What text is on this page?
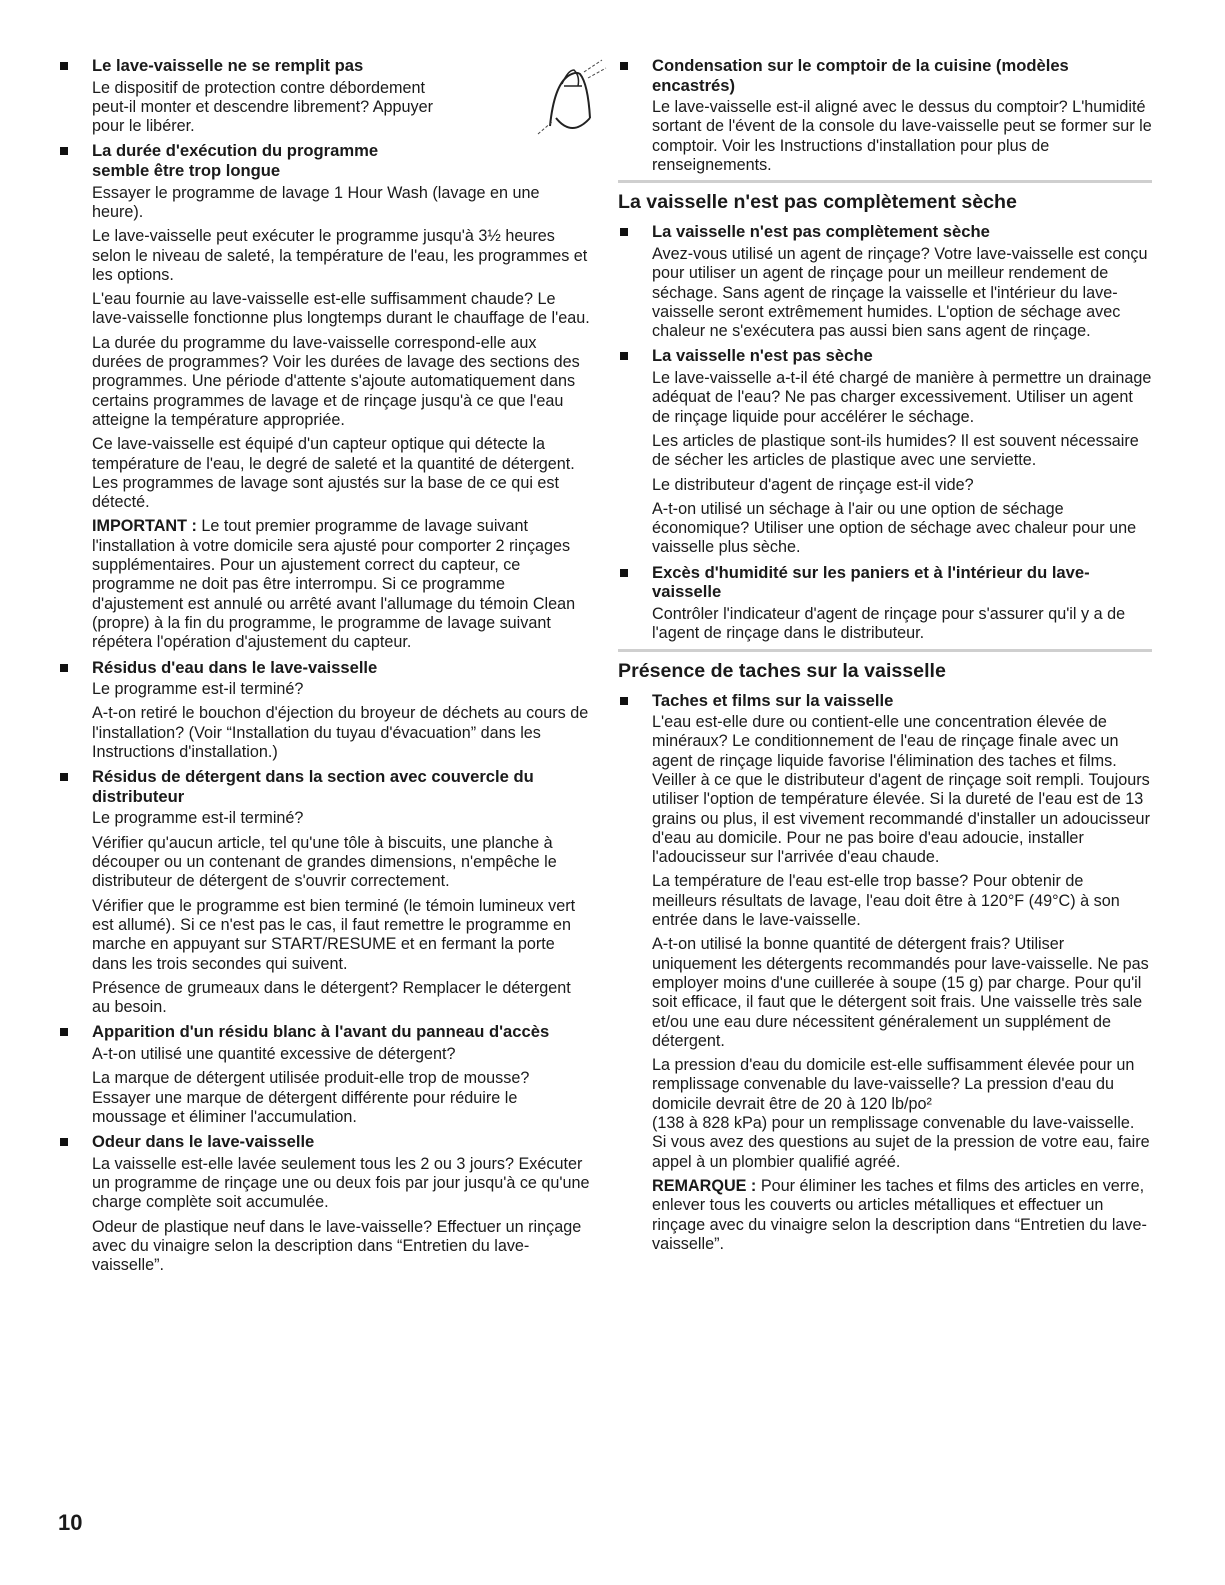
Le lave-vaisselle ne se remplit pas

Le dispositif de protection contre débordement peut-il monter et descendre librement? Appuyer pour le libérer.

La durée d'exécution du programme semble être trop longue

Essayer le programme de lavage 1 Hour Wash (lavage en une heure).

Le lave-vaisselle peut exécuter le programme jusqu'à 3½ heures selon le niveau de saleté, la température de l'eau, les programmes et les options.

L'eau fournie au lave-vaisselle est-elle suffisamment chaude? Le lave-vaisselle fonctionne plus longtemps durant le chauffage de l'eau.

La durée du programme du lave-vaisselle correspond-elle aux durées de programmes? Voir les durées de lavage des sections des programmes. Une période d'attente s'ajoute automatiquement dans certains programmes de lavage et de rinçage jusqu'à ce que l'eau atteigne la température appropriée.

Ce lave-vaisselle est équipé d'un capteur optique qui détecte la température de l'eau, le degré de saleté et la quantité de détergent. Les programmes de lavage sont ajustés sur la base de ce qui est détecté.

IMPORTANT : Le tout premier programme de lavage suivant l'installation à votre domicile sera ajusté pour comporter 2 rinçages supplémentaires. Pour un ajustement correct du capteur, ce programme ne doit pas être interrompu. Si ce programme d'ajustement est annulé ou arrêté avant l'allumage du témoin Clean (propre) à la fin du programme, le programme de lavage suivant répétera l'opération d'ajustement du capteur.

Résidus d'eau dans le lave-vaisselle

Le programme est-il terminé?

A-t-on retiré le bouchon d'éjection du broyeur de déchets au cours de l'installation? (Voir “Installation du tuyau d'évacuation” dans les Instructions d'installation.)

Résidus de détergent dans la section avec couvercle du distributeur

Le programme est-il terminé?

Vérifier qu'aucun article, tel qu'une tôle à biscuits, une planche à découper ou un contenant de grandes dimensions, n'empêche le distributeur de détergent de s'ouvrir correctement.

Vérifier que le programme est bien terminé (le témoin lumineux vert est allumé). Si ce n'est pas le cas, il faut remettre le programme en marche en appuyant sur START/RESUME et en fermant la porte dans les trois secondes qui suivent.

Présence de grumeaux dans le détergent? Remplacer le détergent au besoin.

Apparition d'un résidu blanc à l'avant du panneau d'accès

A-t-on utilisé une quantité excessive de détergent?

La marque de détergent utilisée produit-elle trop de mousse? Essayer une marque de détergent différente pour réduire le moussage et éliminer l'accumulation.

Odeur dans le lave-vaisselle

La vaisselle est-elle lavée seulement tous les 2 ou 3 jours? Exécuter un programme de rinçage une ou deux fois par jour jusqu'à ce qu'une charge complète soit accumulée.

Odeur de plastique neuf dans le lave-vaisselle? Effectuer un rinçage avec du vinaigre selon la description dans “Entretien du lave-vaisselle”.

Condensation sur le comptoir de la cuisine (modèles encastrés)

Le lave-vaisselle est-il aligné avec le dessus du comptoir? L'humidité sortant de l'évent de la console du lave-vaisselle peut se former sur le comptoir. Voir les Instructions d'installation pour plus de renseignements.

La vaisselle n'est pas complètement sèche
La vaisselle n'est pas complètement sèche

Avez-vous utilisé un agent de rinçage? Votre lave-vaisselle est conçu pour utiliser un agent de rinçage pour un meilleur rendement de séchage. Sans agent de rinçage la vaisselle et l'intérieur du lave-vaisselle seront extrêmement humides. L'option de séchage avec chaleur ne s'exécutera pas aussi bien sans agent de rinçage.

La vaisselle n'est pas sèche

Le lave-vaisselle a-t-il été chargé de manière à permettre un drainage adéquat de l'eau? Ne pas charger excessivement. Utiliser un agent de rinçage liquide pour accélérer le séchage.

Les articles de plastique sont-ils humides? Il est souvent nécessaire de sécher les articles de plastique avec une serviette.

Le distributeur d'agent de rinçage est-il vide?

A-t-on utilisé un séchage à l'air ou une option de séchage économique? Utiliser une option de séchage avec chaleur pour une vaisselle plus sèche.

Excès d'humidité sur les paniers et à l'intérieur du lave-vaisselle

Contrôler l'indicateur d'agent de rinçage pour s'assurer qu'il y a de l'agent de rinçage dans le distributeur.

Présence de taches sur la vaisselle
Taches et films sur la vaisselle

L'eau est-elle dure ou contient-elle une concentration élevée de minéraux? Le conditionnement de l'eau de rinçage finale avec un agent de rinçage liquide favorise l'élimination des taches et films. Veiller à ce que le distributeur d'agent de rinçage soit rempli. Toujours utiliser l'option de température élevée. Si la dureté de l'eau est de 13 grains ou plus, il est vivement recommandé d'installer un adoucisseur d'eau au domicile. Pour ne pas boire d'eau adoucie, installer l'adoucisseur sur l'arrivée d'eau chaude.

La température de l'eau est-elle trop basse? Pour obtenir de meilleurs résultats de lavage, l'eau doit être à 120°F (49°C) à son entrée dans le lave-vaisselle.

A-t-on utilisé la bonne quantité de détergent frais? Utiliser uniquement les détergents recommandés pour lave-vaisselle. Ne pas employer moins d'une cuillerée à soupe (15 g) par charge. Pour qu'il soit efficace, il faut que le détergent soit frais. Une vaisselle très sale et/ou une eau dure nécessitent généralement un supplément de détergent.

La pression d'eau du domicile est-elle suffisamment élevée pour un remplissage convenable du lave-vaisselle? La pression d'eau du domicile devrait être de 20 à 120 lb/po²

(138 à 828 kPa) pour un remplissage convenable du lave-vaisselle. Si vous avez des questions au sujet de la pression de votre eau, faire appel à un plombier qualifié agréé.

REMARQUE : Pour éliminer les taches et films des articles en verre, enlever tous les couverts ou articles métalliques et effectuer un rinçage avec du vinaigre selon la description dans “Entretien du lave-vaisselle”.

10
